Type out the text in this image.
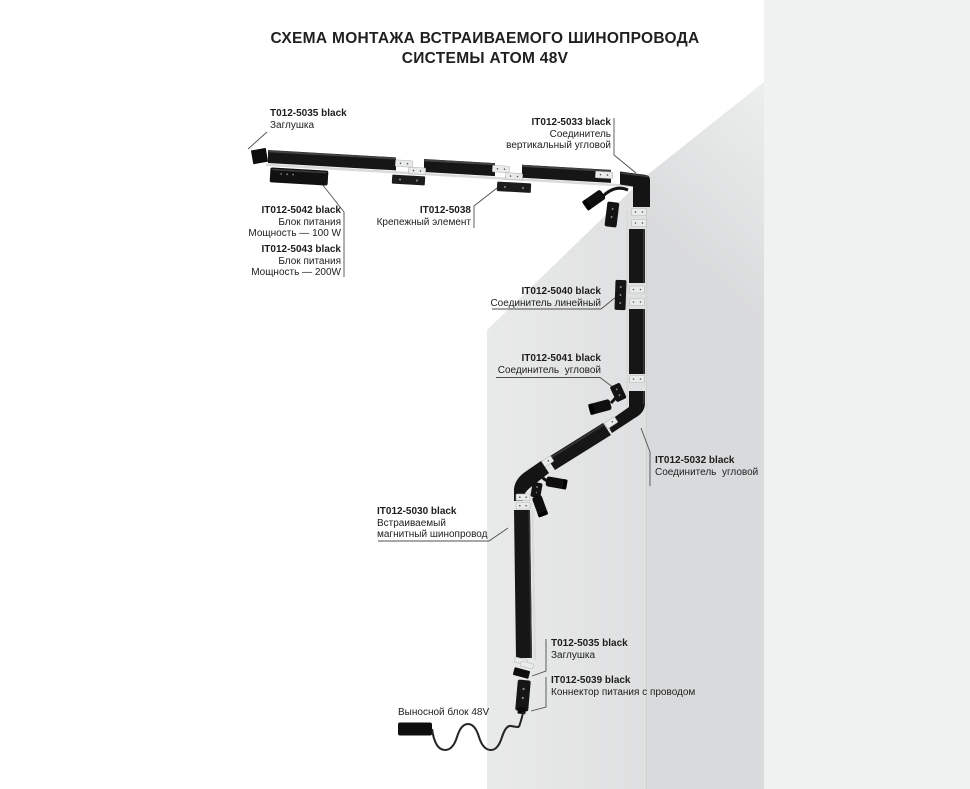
СХЕМА МОНТАЖА ВСТРАИВАЕМОГО ШИНОПРОВОДА
СИСТЕМЫ АТОМ 48V
T012-5035 black
Заглушка
IT012-5042 black
Блок питания
Мощность — 100 W
IT012-5043 black
Блок питания
Мощность — 200W
IT012-5038
Крепежный элемент
IT012-5033 black
Соединитель
вертикальный угловой
IT012-5040 black
Соединитель линейный
IT012-5041 black
Соединитель  угловой
IT012-5032 black
Соединитель  угловой
IT012-5030 black
Встраиваемый
магнитный шинопровод
T012-5035 black
Заглушка
IT012-5039 black
Коннектор питания с проводом
Выносной блок 48V
